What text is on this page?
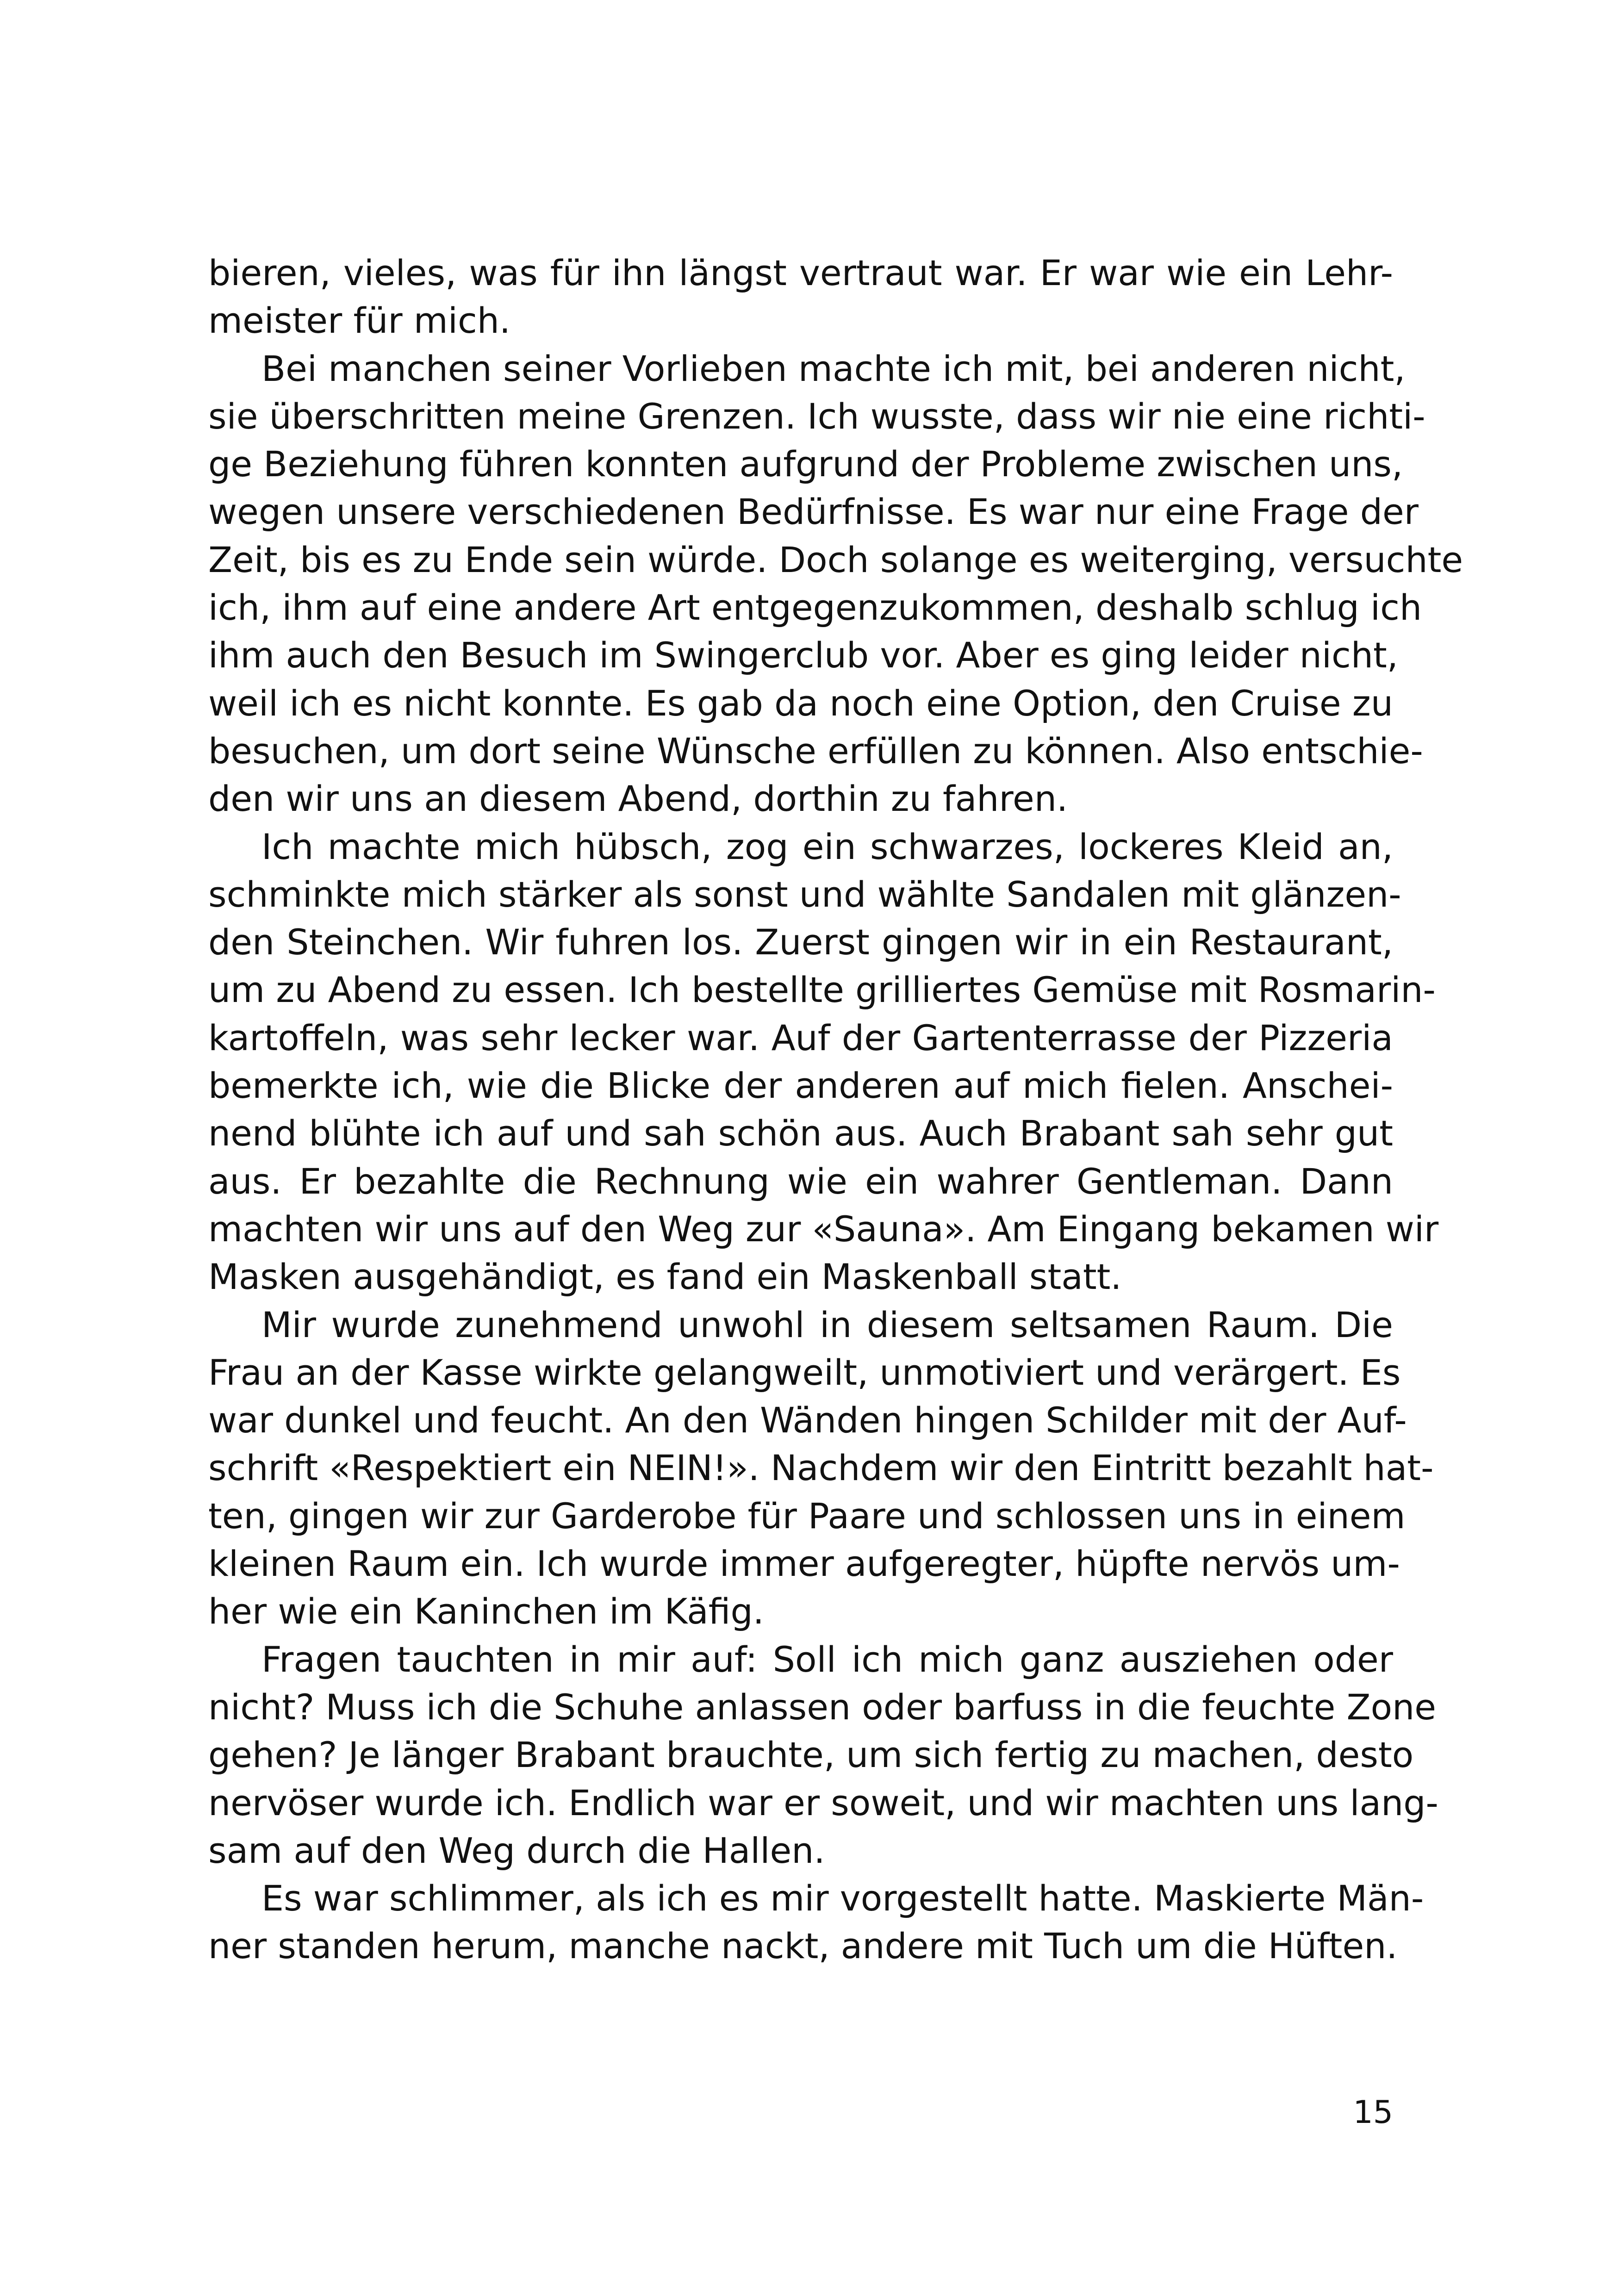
bieren, vieles, was für ihn längst vertraut war. Er war wie ein Lehr-
meister für mich.
Bei manchen seiner Vorlieben machte ich mit, bei anderen nicht,
sie überschritten meine Grenzen. Ich wusste, dass wir nie eine richti-
ge Beziehung führen konnten aufgrund der Probleme zwischen uns,
wegen unsere verschiedenen Bedürfnisse. Es war nur eine Frage der
Zeit, bis es zu Ende sein würde. Doch solange es weiterging, versuchte
ich, ihm auf eine andere Art entgegenzukommen, deshalb schlug ich
ihm auch den Besuch im Swingerclub vor. Aber es ging leider nicht,
weil ich es nicht konnte. Es gab da noch eine Option, den Cruise zu
besuchen, um dort seine Wünsche erfüllen zu können. Also entschie-
den wir uns an diesem Abend, dorthin zu fahren.
Ich machte mich hübsch, zog ein schwarzes, lockeres Kleid an,
schminkte mich stärker als sonst und wählte Sandalen mit glänzen-
den Steinchen. Wir fuhren los. Zuerst gingen wir in ein Restaurant,
um zu Abend zu essen. Ich bestellte grilliertes Gemüse mit Rosmarin-
kartoffeln, was sehr lecker war. Auf der Gartenterrasse der Pizzeria
bemerkte ich, wie die Blicke der anderen auf mich fielen. Anschei-
nend blühte ich auf und sah schön aus. Auch Brabant sah sehr gut
aus. Er bezahlte die Rechnung wie ein wahrer Gentleman. Dann
machten wir uns auf den Weg zur «Sauna». Am Eingang bekamen wir
Masken ausgehändigt, es fand ein Maskenball statt.
Mir wurde zunehmend unwohl in diesem seltsamen Raum. Die
Frau an der Kasse wirkte gelangweilt, unmotiviert und verärgert. Es
war dunkel und feucht. An den Wänden hingen Schilder mit der Auf-
schrift «Respektiert ein NEIN!». Nachdem wir den Eintritt bezahlt hat-
ten, gingen wir zur Garderobe für Paare und schlossen uns in einem
kleinen Raum ein. Ich wurde immer aufgeregter, hüpfte nervös um-
her wie ein Kaninchen im Käfig.
Fragen tauchten in mir auf: Soll ich mich ganz ausziehen oder
nicht? Muss ich die Schuhe anlassen oder barfuss in die feuchte Zone
gehen? Je länger Brabant brauchte, um sich fertig zu machen, desto
nervöser wurde ich. Endlich war er soweit, und wir machten uns lang-
sam auf den Weg durch die Hallen.
Es war schlimmer, als ich es mir vorgestellt hatte. Maskierte Män-
ner standen herum, manche nackt, andere mit Tuch um die Hüften.
15
